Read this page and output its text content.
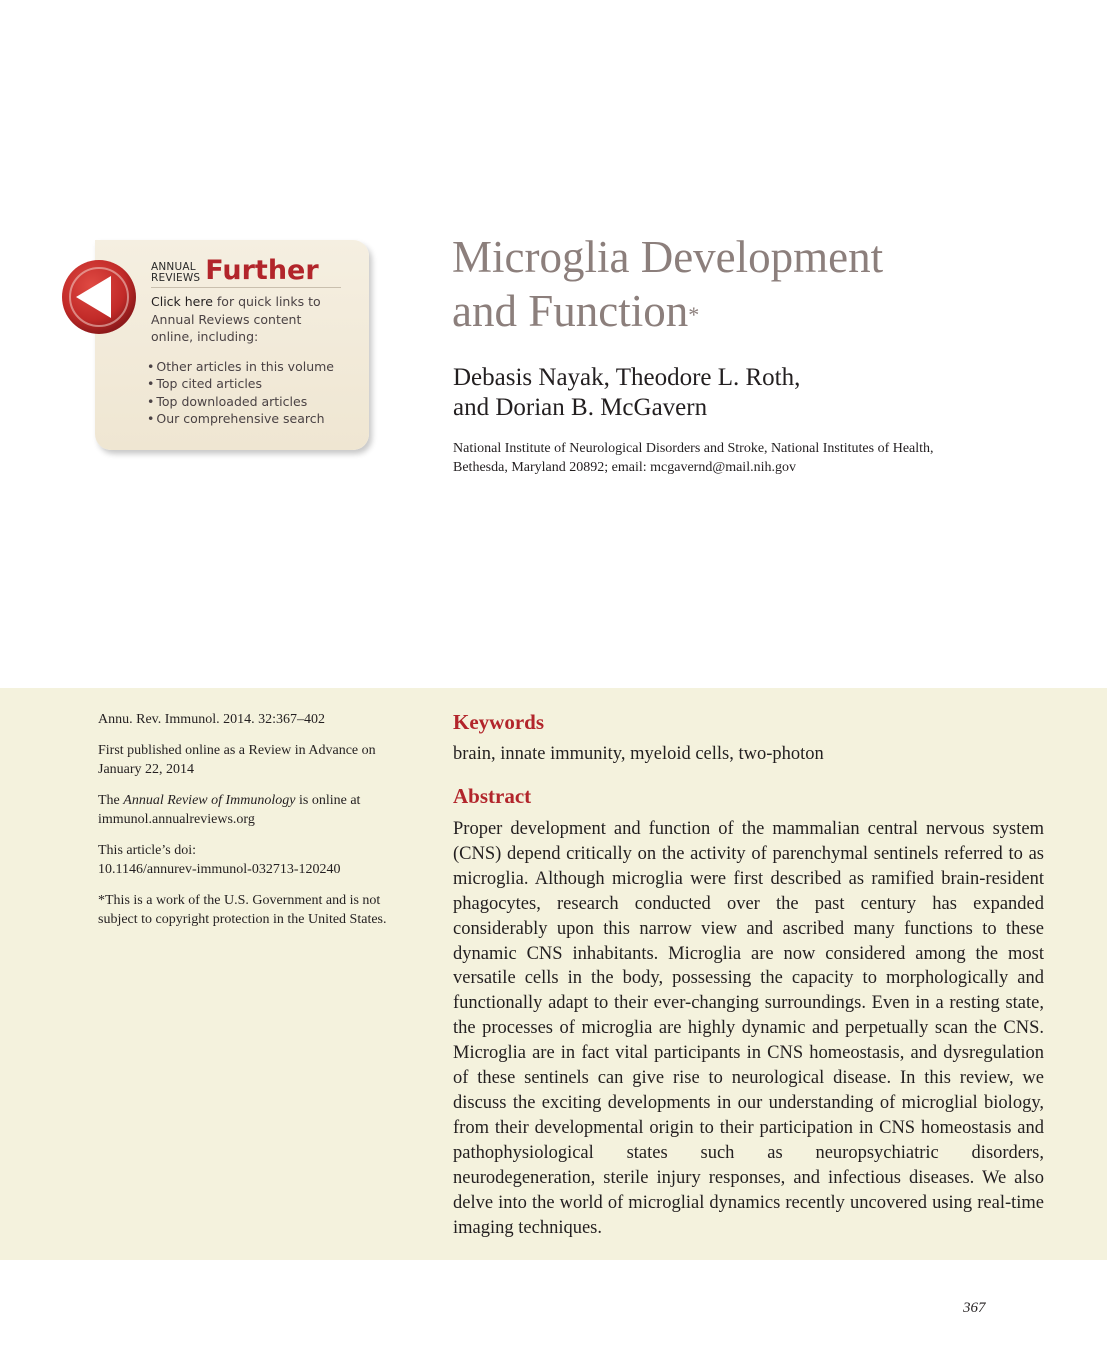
ANNUAL
REVIEWS Further
Click here for quick links to Annual Reviews content online, including:
• Other articles in this volume
• Top cited articles
• Top downloaded articles
• Our comprehensive search
Microglia Development
and Function*
Debasis Nayak, Theodore L. Roth,
and Dorian B. McGavern
National Institute of Neurological Disorders and Stroke, National Institutes of Health,
Bethesda, Maryland 20892; email: mcgavernd@mail.nih.gov

Annu. Rev. Immunol. 2014. 32:367–402

First published online as a Review in Advance on January 22, 2014

The Annual Review of Immunology is online at immunol.annualreviews.org

This article’s doi:
10.1146/annurev-immunol-032713-120240

*This is a work of the U.S. Government and is not subject to copyright protection in the United States.

Keywords

brain, innate immunity, myeloid cells, two-photon

Abstract

Proper development and function of the mammalian central nervous system (CNS) depend critically on the activity of parenchymal sentinels referred to as microglia. Although microglia were first described as ramified brain-resident phagocytes, research conducted over the past century has expanded considerably upon this narrow view and ascribed many functions to these dynamic CNS inhabitants. Microglia are now considered among the most versatile cells in the body, possessing the capacity to morphologically and functionally adapt to their ever-changing surroundings. Even in a resting state, the processes of microglia are highly dynamic and perpetually scan the CNS. Microglia are in fact vital participants in CNS homeostasis, and dysregulation of these sentinels can give rise to neurological disease. In this review, we discuss the exciting developments in our understanding of microglial biology, from their developmental origin to their participation in CNS homeostasis and pathophysiological states such as neuropsychiatric disorders, neurodegeneration, sterile injury responses, and infectious diseases. We also delve into the world of microglial dynamics recently uncovered using real-time imaging techniques.

367
